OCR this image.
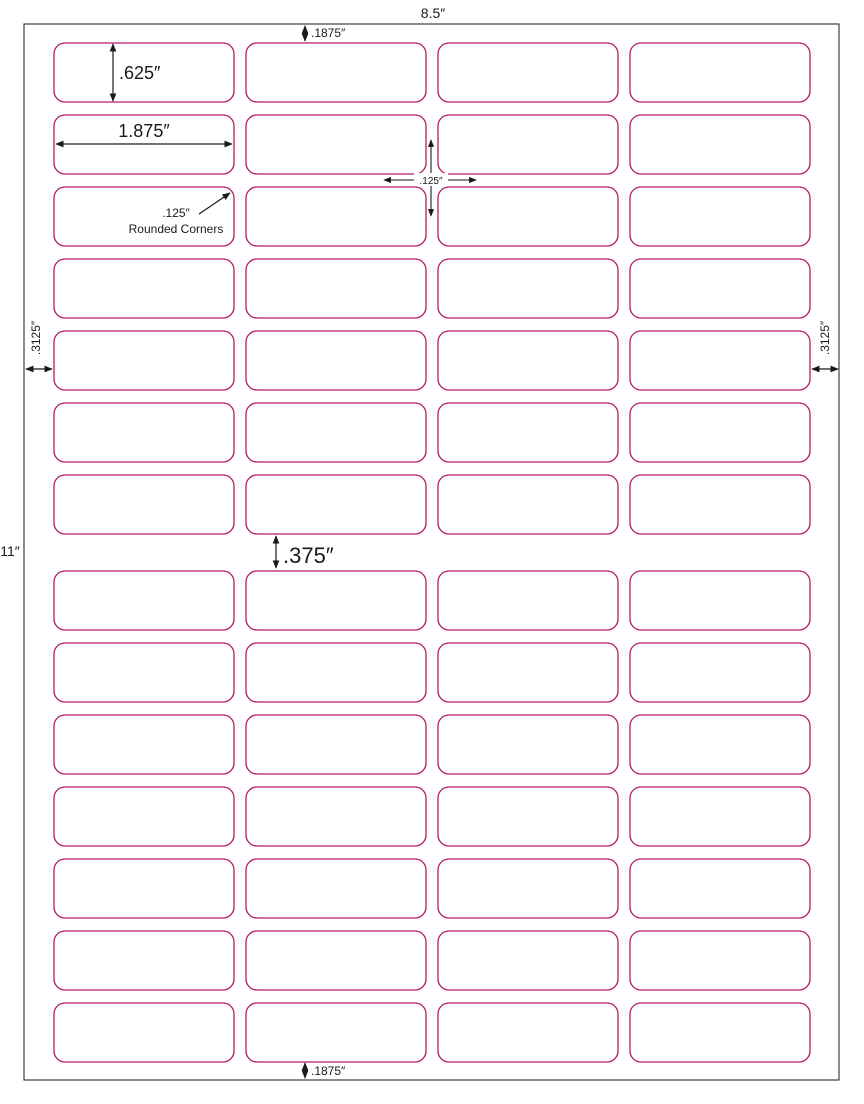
8.5″
11″
.1875″
.1875″
.3125″	.3125″
.625″
1.875″
.125″
.125″
Rounded Corners
.375″
